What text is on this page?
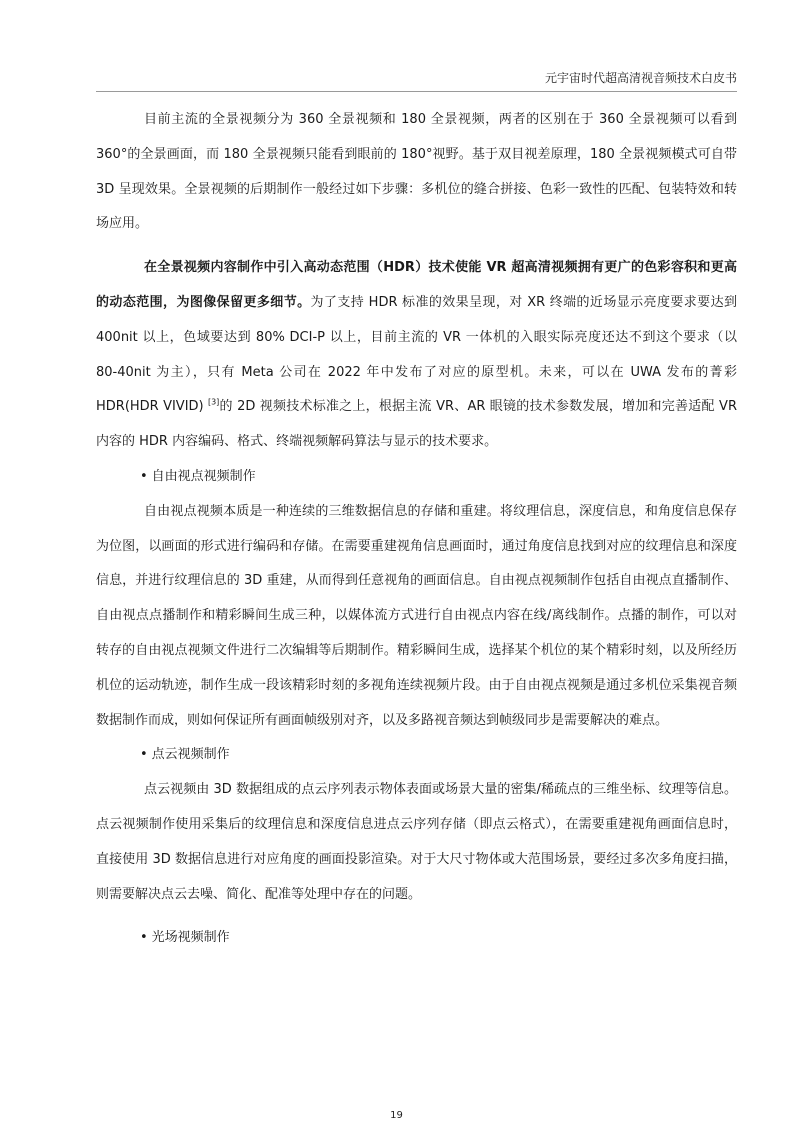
元宇宙时代超高清视音频技术白皮书

目前主流的全景视频分为 360 全景视频和 180 全景视频，两者的区别在于 360 全景视频可以看到 360°的全景画面，而 180 全景视频只能看到眼前的 180°视野。基于双目视差原理，180 全景视频模式可自带 3D 呈现效果。全景视频的后期制作一般经过如下步骤：多机位的缝合拼接、色彩一致性的匹配、包装特效和转场应用。

在全景视频内容制作中引入高动态范围（HDR）技术使能 VR 超高清视频拥有更广的色彩容积和更高的动态范围，为图像保留更多细节。为了支持 HDR 标准的效果呈现，对 XR 终端的近场显示亮度要求要达到 400nit 以上，色域要达到 80% DCI-P 以上，目前主流的 VR 一体机的入眼实际亮度还达不到这个要求（以 80-40nit 为主），只有 Meta 公司在 2022 年中发布了对应的原型机。未来，可以在 UWA 发布的菁彩 HDR(HDR VIVID) [3]的 2D 视频技术标准之上，根据主流 VR、AR 眼镜的技术参数发展，增加和完善适配 VR 内容的 HDR 内容编码、格式、终端视频解码算法与显示的技术要求。

• 自由视点视频制作

自由视点视频本质是一种连续的三维数据信息的存储和重建。将纹理信息，深度信息，和角度信息保存为位图，以画面的形式进行编码和存储。在需要重建视角信息画面时，通过角度信息找到对应的纹理信息和深度信息，并进行纹理信息的 3D 重建，从而得到任意视角的画面信息。自由视点视频制作包括自由视点直播制作、自由视点点播制作和精彩瞬间生成三种，以媒体流方式进行自由视点内容在线/离线制作。点播的制作，可以对转存的自由视点视频文件进行二次编辑等后期制作。精彩瞬间生成，选择某个机位的某个精彩时刻，以及所经历机位的运动轨迹，制作生成一段该精彩时刻的多视角连续视频片段。由于自由视点视频是通过多机位采集视音频数据制作而成，则如何保证所有画面帧级别对齐，以及多路视音频达到帧级同步是需要解决的难点。

• 点云视频制作

点云视频由 3D 数据组成的点云序列表示物体表面或场景大量的密集/稀疏点的三维坐标、纹理等信息。点云视频制作使用采集后的纹理信息和深度信息进点云序列存储（即点云格式），在需要重建视角画面信息时，直接使用 3D 数据信息进行对应角度的画面投影渲染。对于大尺寸物体或大范围场景，要经过多次多角度扫描，则需要解决点云去噪、简化、配准等处理中存在的问题。

• 光场视频制作

19
